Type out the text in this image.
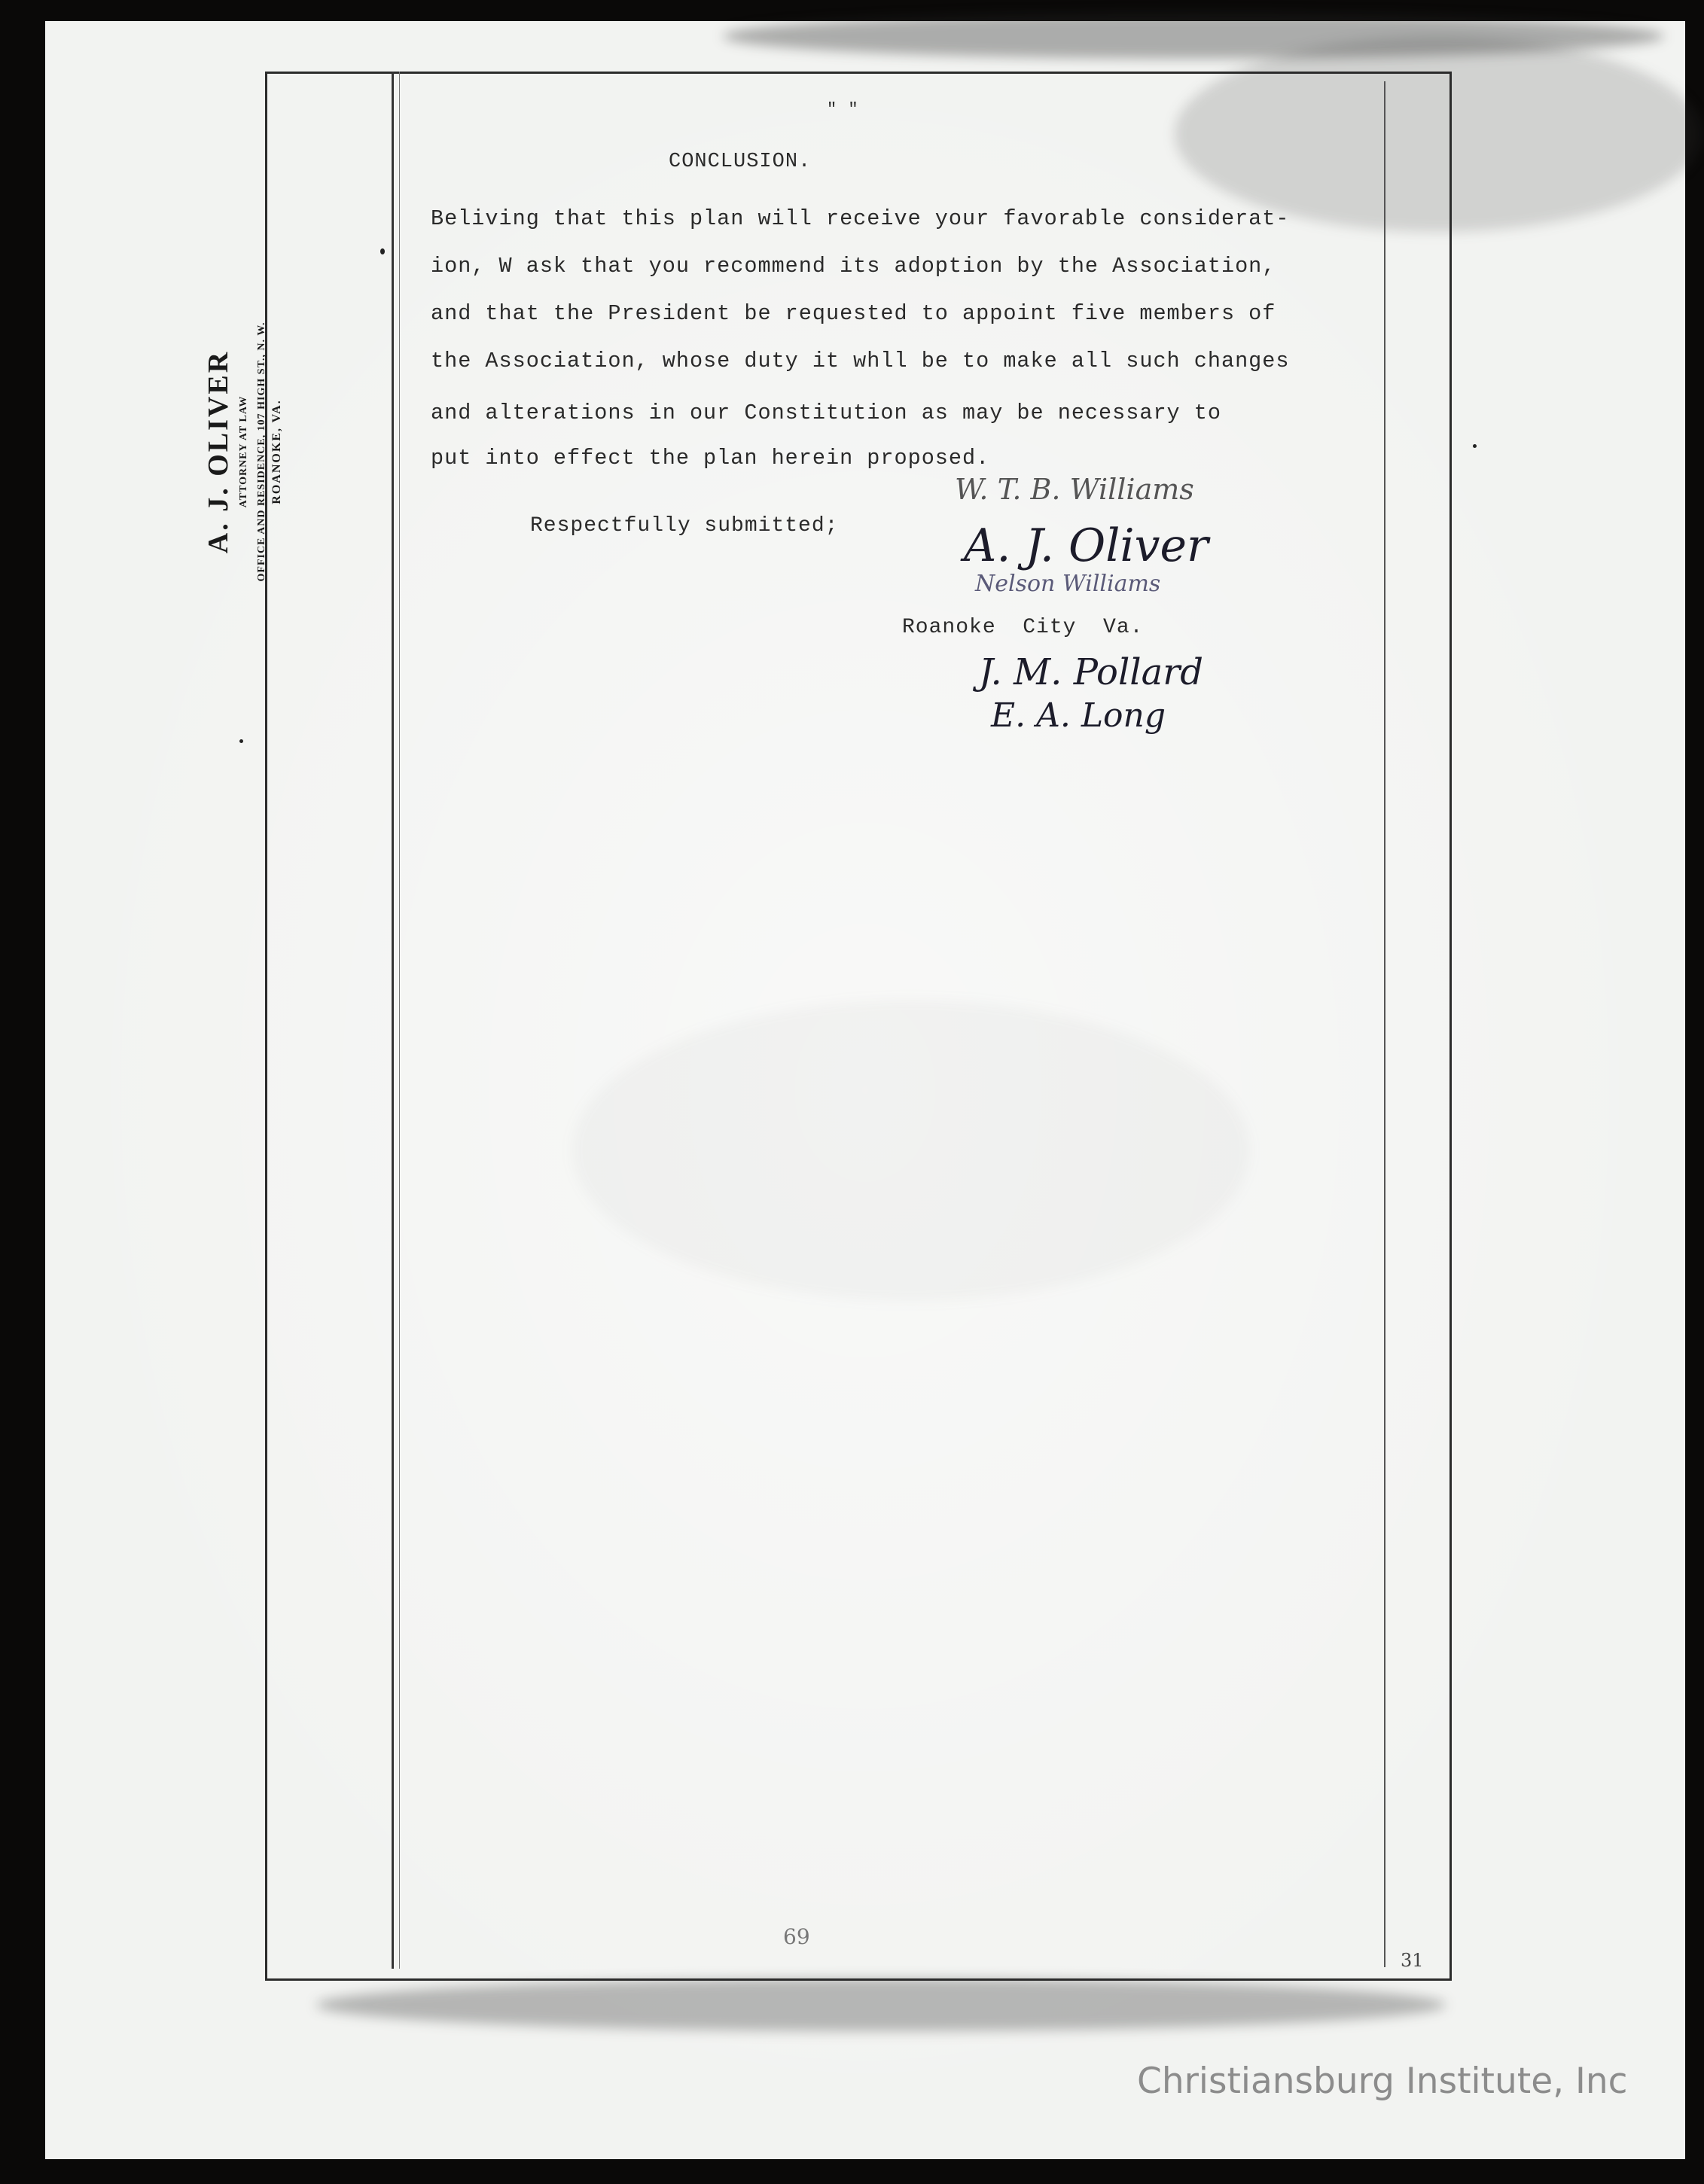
A. J. OLIVER ATTORNEY AT LAW OFFICE AND RESIDENCE, 107 HIGH ST., N. W. ROANOKE, VA.
" "
CONCLUSION.
Beliving that this plan will receive your favorable considerat-
ion, W ask that you recommend its adoption by the Association,
and that the President be requested to appoint five members of
the Association, whose duty it whll be to make all such changes
and alterations in our Constitution as may be necessary to
put into effect the plan herein proposed.
Respectfully submitted;
Roanoke  City  Va.
W. T. B. Williams
A. J. Oliver
Nelson Williams
J. M. Pollard
E. A. Long
69
31
Christiansburg Institute, Inc
